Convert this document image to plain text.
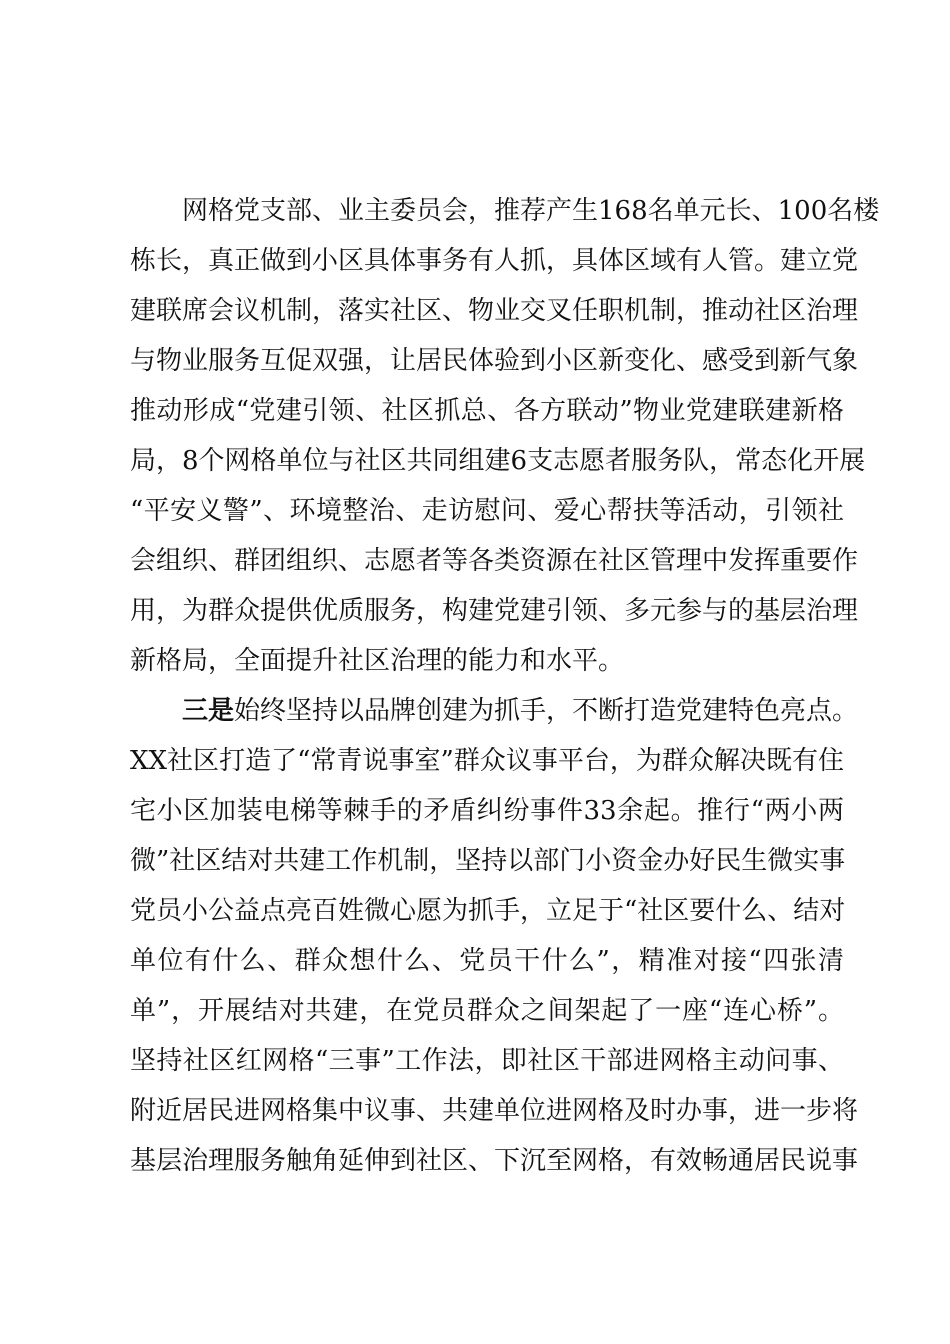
网格党支部、业主委员会，推荐产生168名单元长、100名楼
栋长，真正做到小区具体事务有人抓，具体区域有人管。建立党
建联席会议机制，落实社区、物业交叉任职机制，推动社区治理
与物业服务互促双强，让居民体验到小区新变化、感受到新气象
推动形成“党建引领、社区抓总、各方联动”物业党建联建新格
局，8个网格单位与社区共同组建6支志愿者服务队，常态化开展
“平安义警”、环境整治、走访慰问、爱心帮扶等活动，引领社
会组织、群团组织、志愿者等各类资源在社区管理中发挥重要作
用，为群众提供优质服务，构建党建引领、多元参与的基层治理
新格局，全面提升社区治理的能力和水平。
三是始终坚持以品牌创建为抓手，不断打造党建特色亮点。
XX社区打造了“常青说事室”群众议事平台，为群众解决既有住
宅小区加装电梯等棘手的矛盾纠纷事件33余起。推行“两小两
微”社区结对共建工作机制，坚持以部门小资金办好民生微实事
党员小公益点亮百姓微心愿为抓手，立足于“社区要什么、结对
单位有什么、群众想什么、党员干什么”，精准对接“四张清
单”，开展结对共建，在党员群众之间架起了一座“连心桥”。
坚持社区红网格“三事”工作法，即社区干部进网格主动问事、
附近居民进网格集中议事、共建单位进网格及时办事，进一步将
基层治理服务触角延伸到社区、下沉至网格，有效畅通居民说事
